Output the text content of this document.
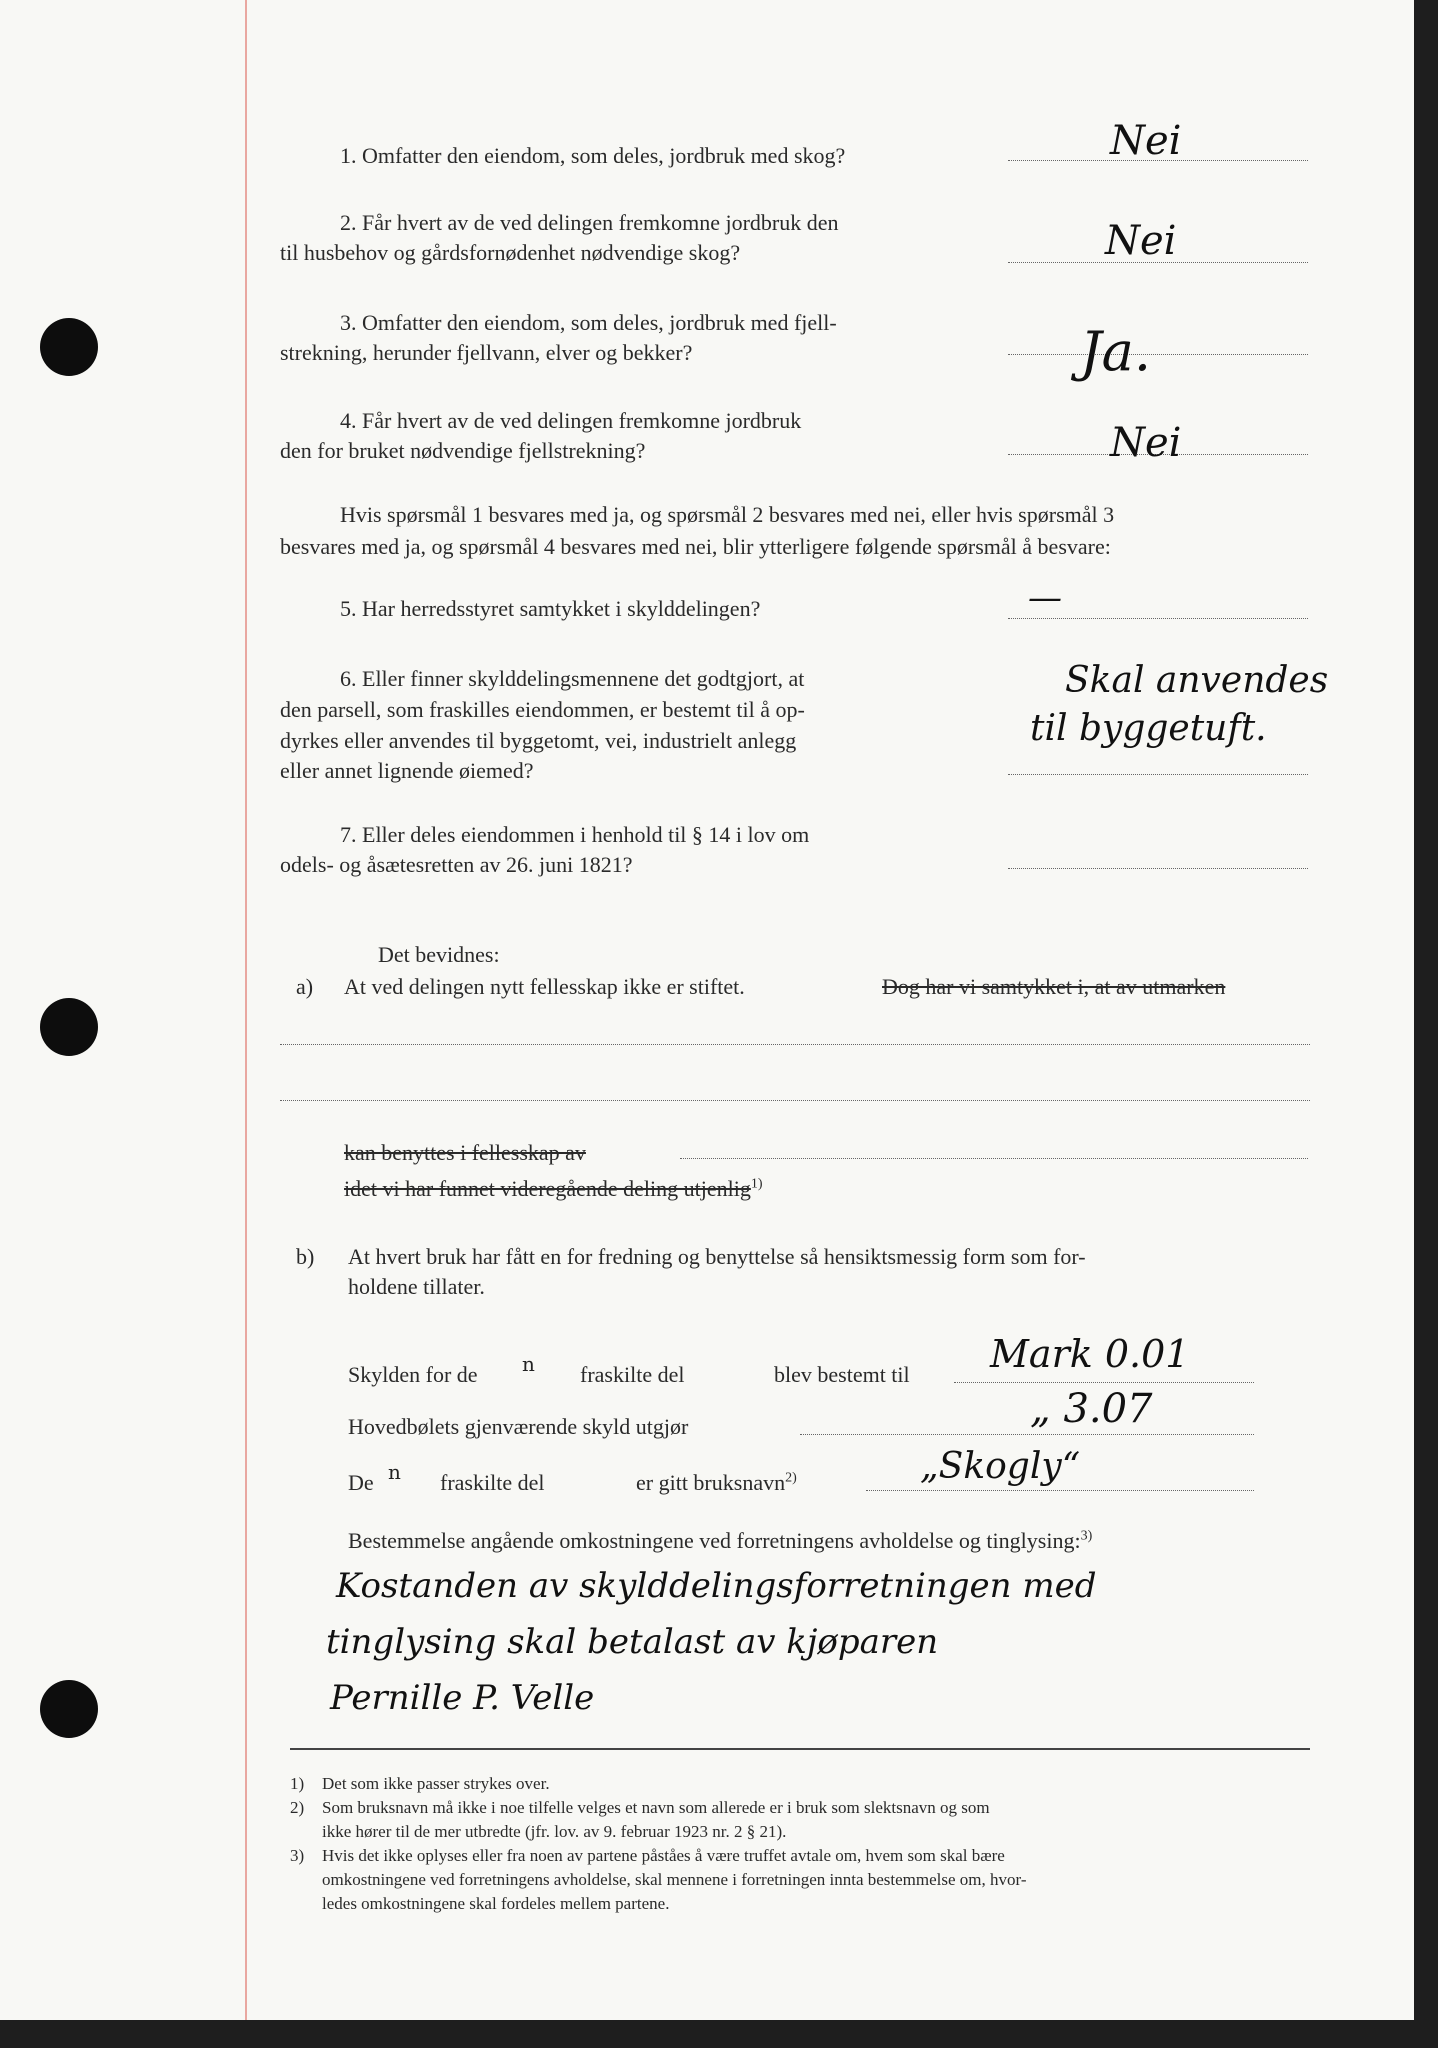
1. Omfatter den eiendom, som deles, jordbruk med skog?	Nei
2. Får hvert av de ved delingen fremkomne jordbruk den
til husbehov og gårdsfornødenhet nødvendige skog?	Nei
3. Omfatter den eiendom, som deles, jordbruk med fjell-
strekning, herunder fjellvann, elver og bekker?	Ja.
4. Får hvert av de ved delingen fremkomne jordbruk
den for bruket nødvendige fjellstrekning?	Nei
Hvis spørsmål 1 besvares med ja, og spørsmål 2 besvares med nei, eller hvis spørsmål 3
besvares med ja, og spørsmål 4 besvares med nei, blir ytterligere følgende spørsmål å besvare:
5. Har herredsstyret samtykket i skylddelingen?	—
6. Eller finner skylddelingsmennene det godtgjort, at
den parsell, som fraskilles eiendommen, er bestemt til å op-
dyrkes eller anvendes til byggetomt, vei, industrielt anlegg
eller annet lignende øiemed?
Skal anvendes
til byggetuft.
7. Eller deles eiendommen i henhold til § 14 i lov om
odels- og åsætesretten av 26. juni 1821?
Det bevidnes:
a) At ved delingen nytt fellesskap ikke er stiftet.	Dog har vi samtykket i, at av utmarken
kan benyttes i fellesskap av
idet vi har funnet videregående deling utjenlig$^{1)}$
b) At hvert bruk har fått en for fredning og benyttelse så hensiktsmessig form som for-
holdene tillater.
Skylden for de n fraskilte del	blev bestemt til Mark 0.01
Hovedbølets gjenværende skyld utgjør	„ 3.07
De n fraskilte del	er gitt bruksnavn$^{2)}$	„Skogly“
Bestemmelse angående omkostningene ved forretningens avholdelse og tinglysing:$^{3)}$
Kostanden av skylddelingsforretningen med
tinglysing skal betalast av kjøparen
Pernille P. Velle
1) Det som ikke passer strykes over.
2) Som bruksnavn må ikke i noe tilfelle velges et navn som allerede er i bruk som slektsnavn og som
ikke hører til de mer utbredte (jfr. lov. av 9. februar 1923 nr. 2 § 21).
3) Hvis det ikke oplyses eller fra noen av partene påståes å være truffet avtale om, hvem som skal bære
omkostningene ved forretningens avholdelse, skal mennene i forretningen innta bestemmelse om, hvor-
ledes omkostningene skal fordeles mellem partene.
